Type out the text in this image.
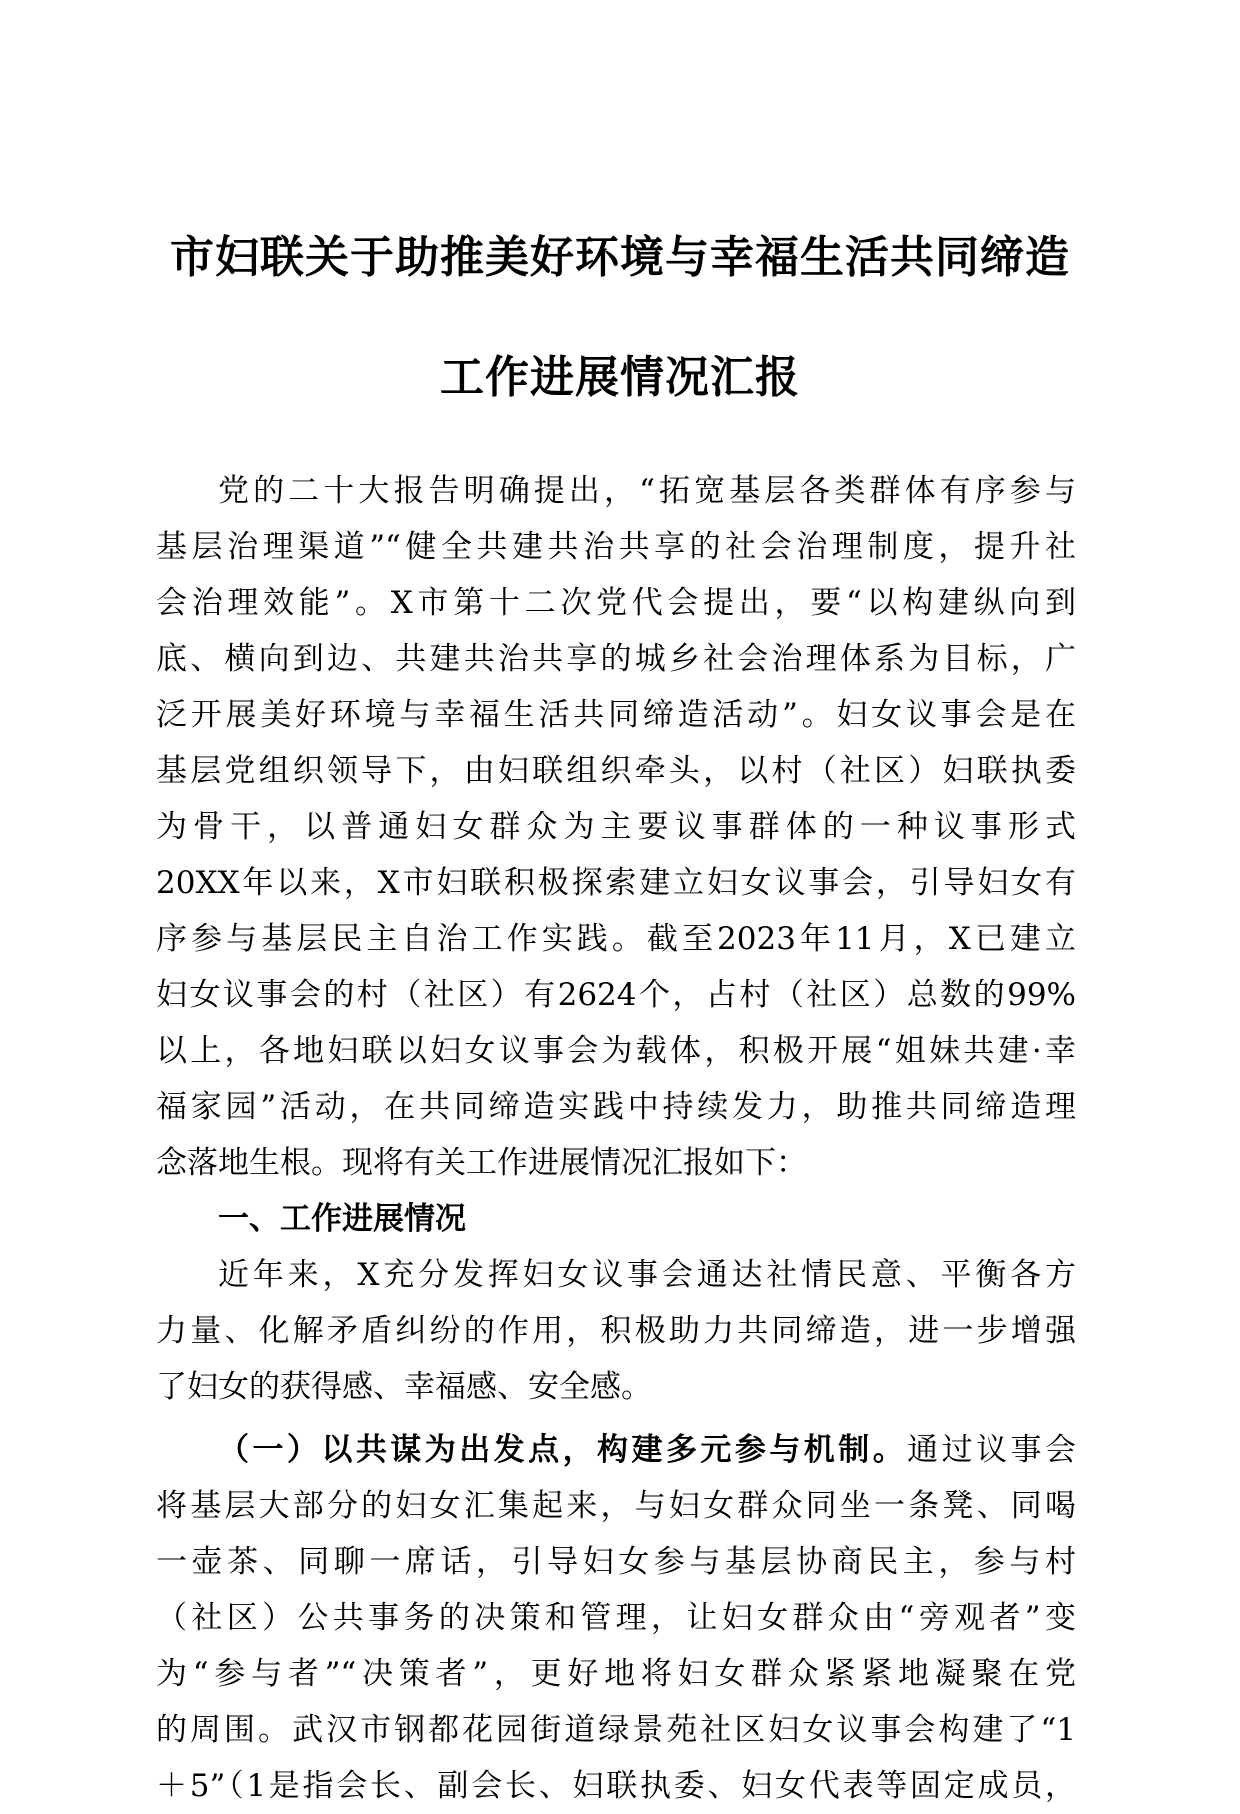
市妇联关于助推美好环境与幸福生活共同缔造
工作进展情况汇报
党的二十大报告明确提出，“拓宽基层各类群体有序参与
基层治理渠道”“健全共建共治共享的社会治理制度，提升社
会治理效能”。X市第十二次党代会提出，要“以构建纵向到
底、横向到边、共建共治共享的城乡社会治理体系为目标，广
泛开展美好环境与幸福生活共同缔造活动”。妇女议事会是在
基层党组织领导下，由妇联组织牵头，以村（社区）妇联执委
为骨干，以普通妇女群众为主要议事群体的一种议事形式
20XX年以来，X市妇联积极探索建立妇女议事会，引导妇女有
序参与基层民主自治工作实践。截至2023年11月，X已建立
妇女议事会的村（社区）有2624个，占村（社区）总数的99%
以上，各地妇联以妇女议事会为载体，积极开展“姐妹共建·幸
福家园”活动，在共同缔造实践中持续发力，助推共同缔造理
念落地生根。现将有关工作进展情况汇报如下：
一、工作进展情况
近年来，X充分发挥妇女议事会通达社情民意、平衡各方
力量、化解矛盾纠纷的作用，积极助力共同缔造，进一步增强
了妇女的获得感、幸福感、安全感。
（一）以共谋为出发点，构建多元参与机制。通过议事会
将基层大部分的妇女汇集起来，与妇女群众同坐一条凳、同喝
一壶茶、同聊一席话，引导妇女参与基层协商民主，参与村
（社区）公共事务的决策和管理，让妇女群众由“旁观者”变
为“参与者”“决策者”，更好地将妇女群众紧紧地凝聚在党
的周围。武汉市钢都花园街道绿景苑社区妇女议事会构建了“1
＋5”（1是指会长、副会长、妇联执委、妇女代表等固定成员，
